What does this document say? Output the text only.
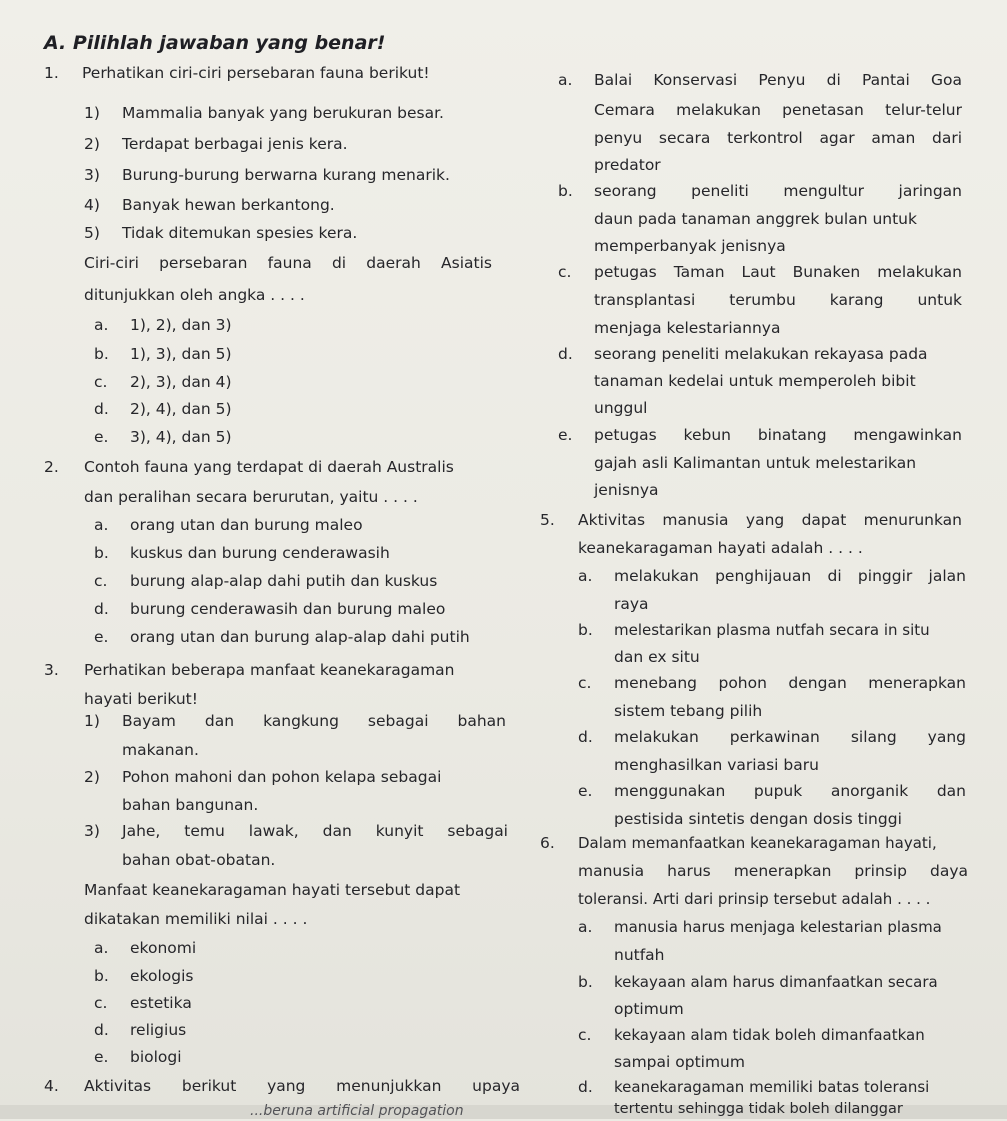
A. Pilihlah jawaban yang benar!
1. Perhatikan ciri-ciri persebaran fauna berikut!
1) Mammalia banyak yang berukuran besar.
2) Terdapat berbagai jenis kera.
3) Burung-burung berwarna kurang menarik.
4) Banyak hewan berkantong.
5) Tidak ditemukan spesies kera.
Ciri-ciri persebaran fauna di daerah Asiatis
ditunjukkan oleh angka . . . .
a. 1), 2), dan 3)
b. 1), 3), dan 5)
c. 2), 3), dan 4)
d. 2), 4), dan 5)
e. 3), 4), dan 5)
2. Contoh fauna yang terdapat di daerah Australis
dan peralihan secara berurutan, yaitu . . . .
a. orang utan dan burung maleo
b. kuskus dan burung cenderawasih
c. burung alap-alap dahi putih dan kuskus
d. burung cenderawasih dan burung maleo
e. orang utan dan burung alap-alap dahi putih
3. Perhatikan beberapa manfaat keanekaragaman
hayati berikut!
1) Bayam dan kangkung sebagai bahan
makanan.
2) Pohon mahoni dan pohon kelapa sebagai
bahan bangunan.
3) Jahe, temu lawak, dan kunyit sebagai
bahan obat-obatan.
Manfaat keanekaragaman hayati tersebut dapat
dikatakan memiliki nilai . . . .
a. ekonomi
b. ekologis
c. estetika
d. religius
e. biologi
4. Aktivitas berikut yang menunjukkan upaya
...beruna artificial propagation
a. Balai Konservasi Penyu di Pantai Goa
Cemara melakukan penetasan telur-telur
penyu secara terkontrol agar aman dari
predator
b. seorang peneliti mengultur jaringan
daun pada tanaman anggrek bulan untuk
memperbanyak jenisnya
c. petugas Taman Laut Bunaken melakukan
transplantasi terumbu karang untuk
menjaga kelestariannya
d. seorang peneliti melakukan rekayasa pada
tanaman kedelai untuk memperoleh bibit
unggul
e. petugas kebun binatang mengawinkan
gajah asli Kalimantan untuk melestarikan
jenisnya
5. Aktivitas manusia yang dapat menurunkan
keanekaragaman hayati adalah . . . .
a. melakukan penghijauan di pinggir jalan
raya
b. melestarikan plasma nutfah secara in situ
dan ex situ
c. menebang pohon dengan menerapkan
sistem tebang pilih
d. melakukan perkawinan silang yang
menghasilkan variasi baru
e. menggunakan pupuk anorganik dan
pestisida sintetis dengan dosis tinggi
6. Dalam memanfaatkan keanekaragaman hayati,
manusia harus menerapkan prinsip daya
toleransi. Arti dari prinsip tersebut adalah . . . .
a. manusia harus menjaga kelestarian plasma
nutfah
b. kekayaan alam harus dimanfaatkan secara
optimum
c. kekayaan alam tidak boleh dimanfaatkan
sampai optimum
d. keanekaragaman memiliki batas toleransi
tertentu sehingga tidak boleh dilanggar
